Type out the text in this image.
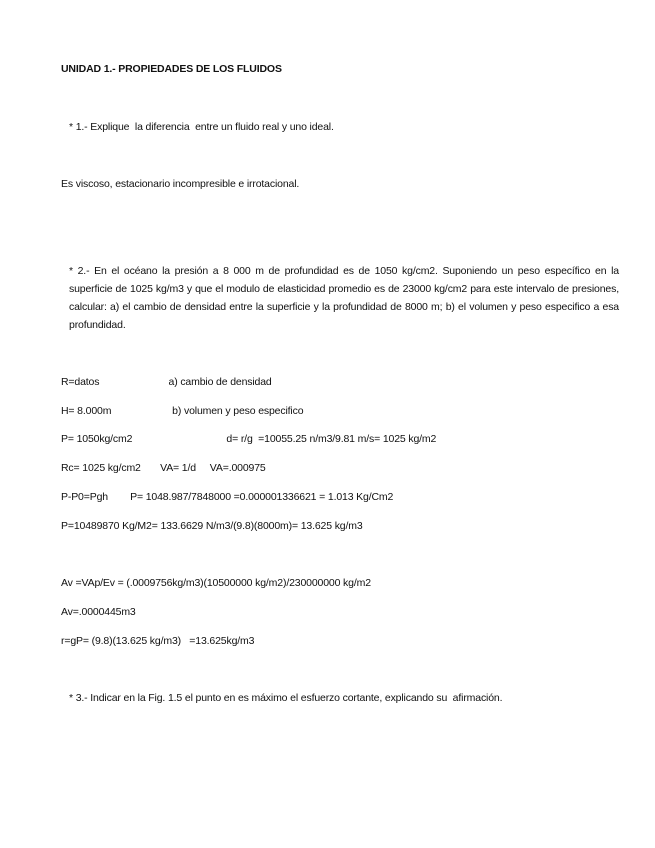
UNIDAD 1.- PROPIEDADES DE LOS FLUIDOS
* 1.- Explique  la diferencia  entre un fluido real y uno ideal.
Es viscoso, estacionario incompresible e irrotacional.
* 2.- En el océano la presión a 8 000 m de profundidad es de 1050 kg/cm2. Suponiendo un peso específico en la superficie de 1025 kg/m3 y que el modulo de elasticidad promedio es de 23000 kg/cm2 para este intervalo de presiones, calcular: a) el cambio de densidad entre la superficie y la profundidad de 8000 m; b) el volumen y peso especifico a esa profundidad.
R=datos                         a) cambio de densidad
H= 8.000m                      b) volumen y peso especifico
P= 1050kg/cm2                                  d= r/g  =10055.25 n/m3/9.81 m/s= 1025 kg/m2
Rc= 1025 kg/cm2       VA= 1/d     VA=.000975
P-P0=Pgh        P= 1048.987/7848000 =0.000001336621 = 1.013 Kg/Cm2
P=10489870 Kg/M2= 133.6629 N/m3/(9.8)(8000m)= 13.625 kg/m3
Av =VAp/Ev = (.0009756kg/m3)(10500000 kg/m2)/230000000 kg/m2
Av=.0000445m3
r=gP= (9.8)(13.625 kg/m3)   =13.625kg/m3
* 3.- Indicar en la Fig. 1.5 el punto en es máximo el esfuerzo cortante, explicando su  afirmación.
